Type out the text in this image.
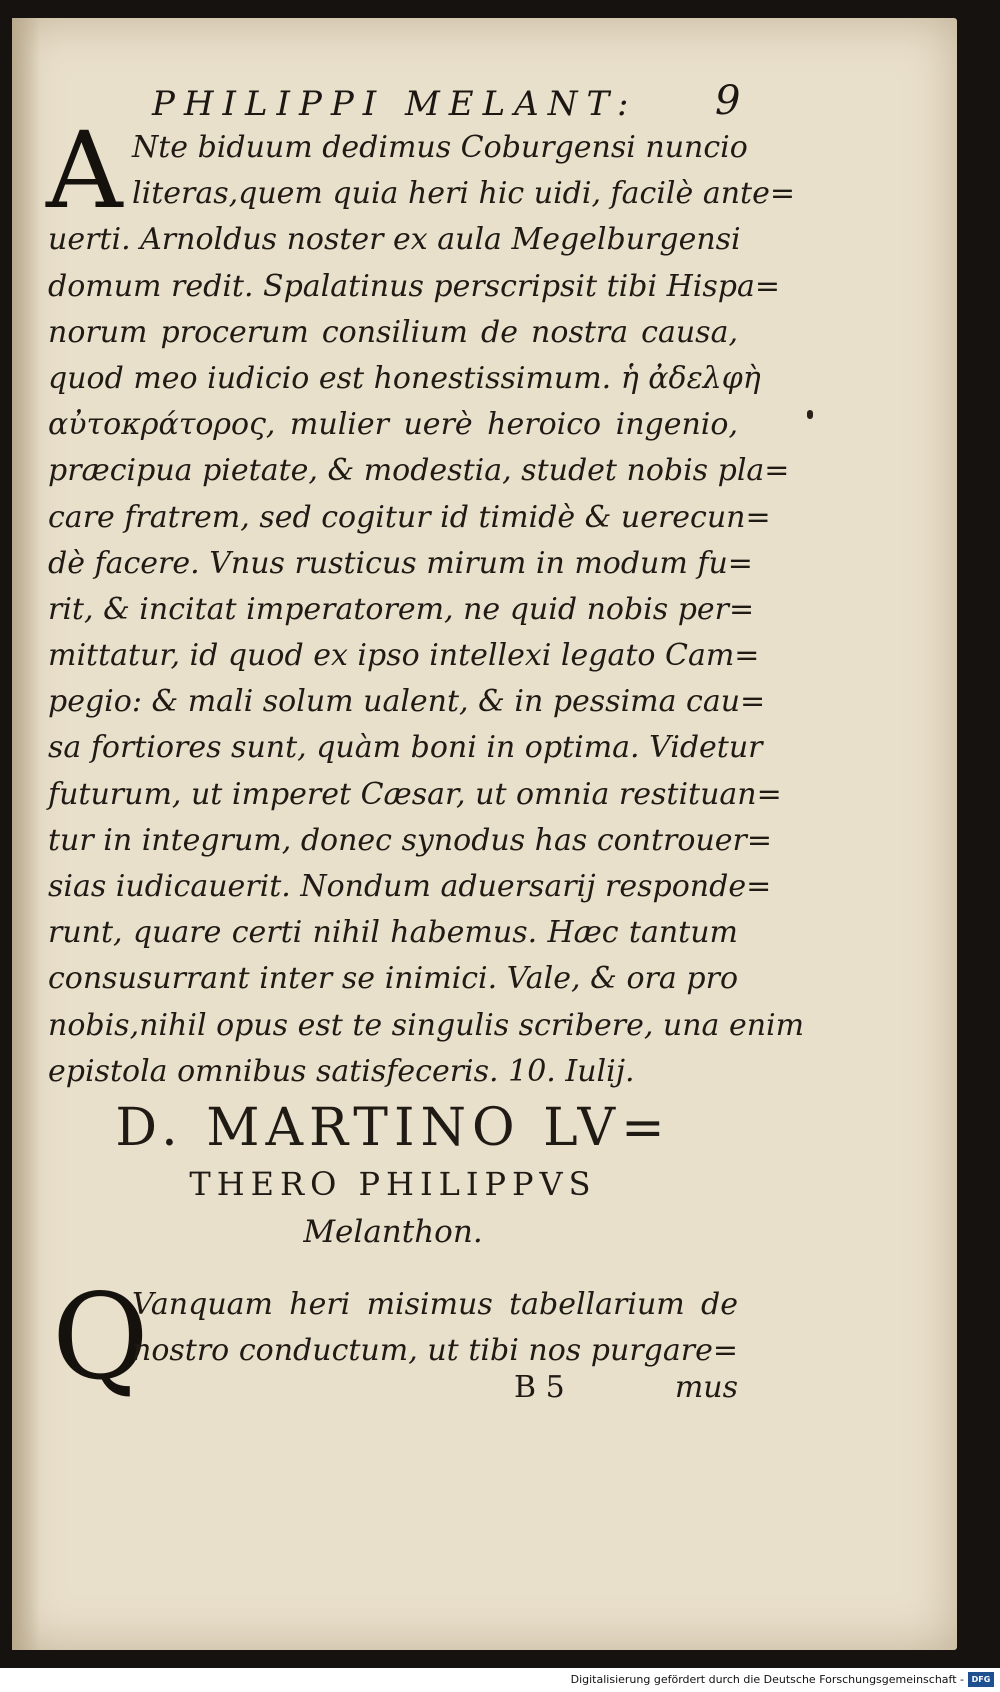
PHILIPPI MELANT:	9
A Nte biduum dedimus Coburgensi nuncio
literas,quem quia heri hic uidi, facilè ante=
uerti. Arnoldus noster ex aula Megelburgensi
domum redit. Spalatinus perscripsit tibi Hispa=
norum procerum consilium de nostra causa,
quod meo iudicio est honestissimum. ἡ ἀδελφὴ
αὐτοκράτορος, mulier uerè heroico ingenio,
præcipua pietate, & modestia, studet nobis pla=
care fratrem, sed cogitur id timidè & uerecun=
dè facere. Vnus rusticus mirum in modum fu=
rit, & incitat imperatorem, ne quid nobis per=
mittatur, id quod ex ipso intellexi legato Cam=
pegio: & mali solum ualent, & in pessima cau=
sa fortiores sunt, quàm boni in optima. Videtur
futurum, ut imperet Cæsar, ut omnia restituan=
tur in integrum, donec synodus has controuer=
sias iudicauerit. Nondum aduersarij responde=
runt, quare certi nihil habemus. Hæc tantum
consusurrant inter se inimici. Vale, & ora pro
nobis,nihil opus est te singulis scribere, una enim
epistola omnibus satisfeceris. 10. Iulij.
D. MARTINO LV=
THERO PHILIPPVS
Melanthon.
Q
Vanquam heri misimus tabellarium de
nostro conductum, ut tibi nos purgare=
B 5	mus
Digitalisierung gefördert durch die Deutsche Forschungsgemeinschaft - DFG
